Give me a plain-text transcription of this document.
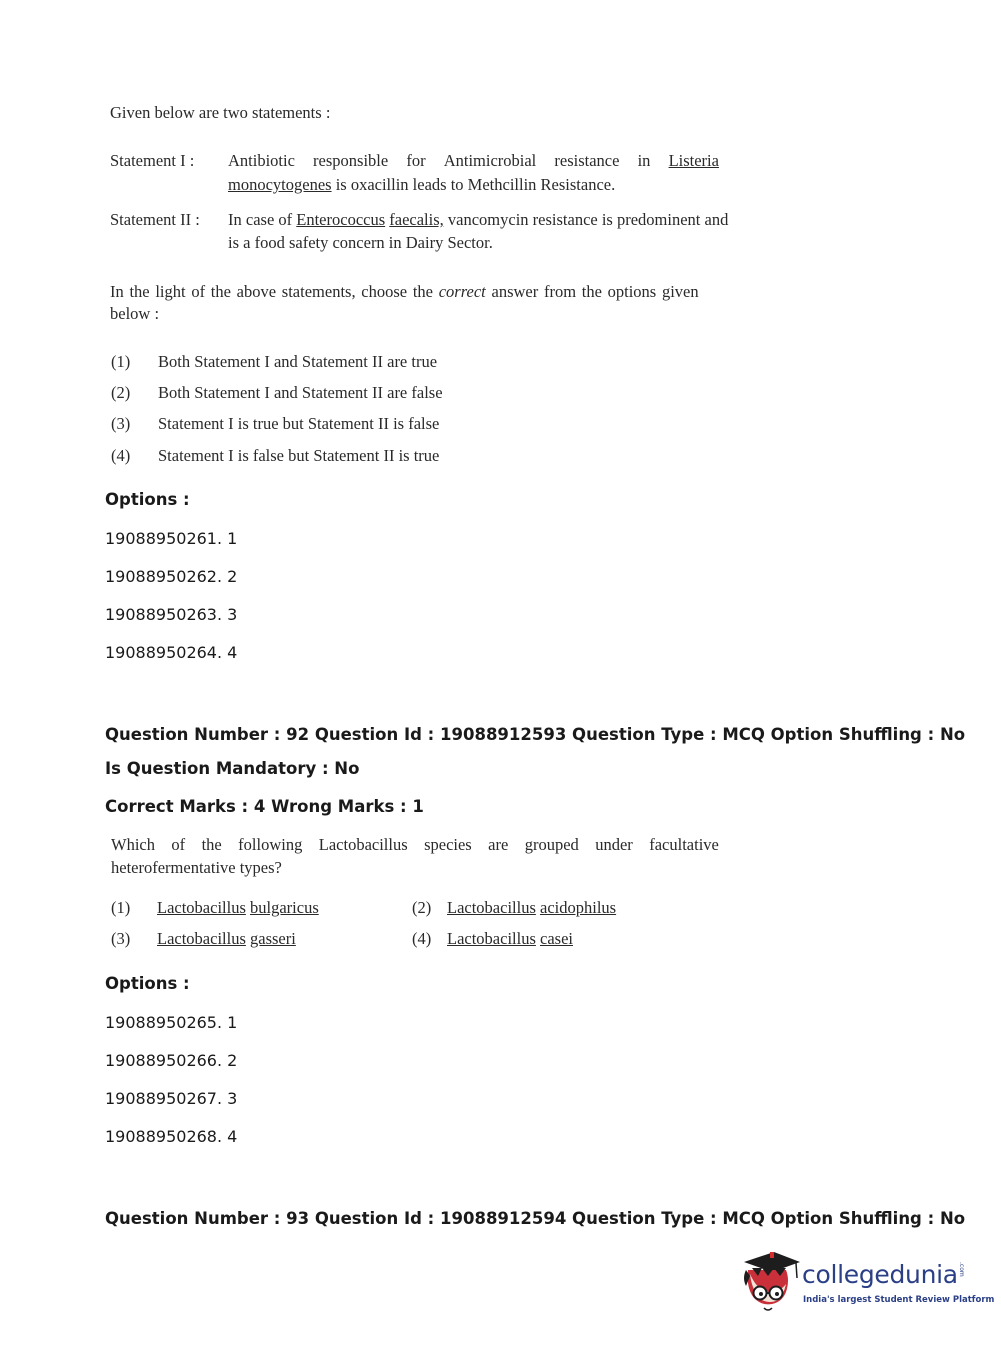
Given below are two statements :
Statement I : Antibiotic responsible for Antimicrobial resistance in Listeria
monocytogenes is oxacillin leads to Methcillin Resistance.
Statement II : In case of Enterococcus faecalis, vancomycin resistance is predominent and
is a food safety concern in Dairy Sector.
In the light of the above statements, choose the correct answer from the options given
below :
(1) Both Statement I and Statement II are true
(2) Both Statement I and Statement II are false
(3) Statement I is true but Statement II is false
(4) Statement I is false but Statement II is true
Options :
19088950261. 1
19088950262. 2
19088950263. 3
19088950264. 4
Question Number : 92 Question Id : 19088912593 Question Type : MCQ Option Shuffling : No
Is Question Mandatory : No
Correct Marks : 4 Wrong Marks : 1
Which of the following Lactobacillus species are grouped under facultative
heterofermentative types?
(1) Lactobacillus bulgaricus	(2) Lactobacillus acidophilus
(3) Lactobacillus gasseri	(4) Lactobacillus casei
Options :
19088950265. 1
19088950266. 2
19088950267. 3
19088950268. 4
Question Number : 93 Question Id : 19088912594 Question Type : MCQ Option Shuffling : No
collegedunia .com
India's largest Student Review Platform
